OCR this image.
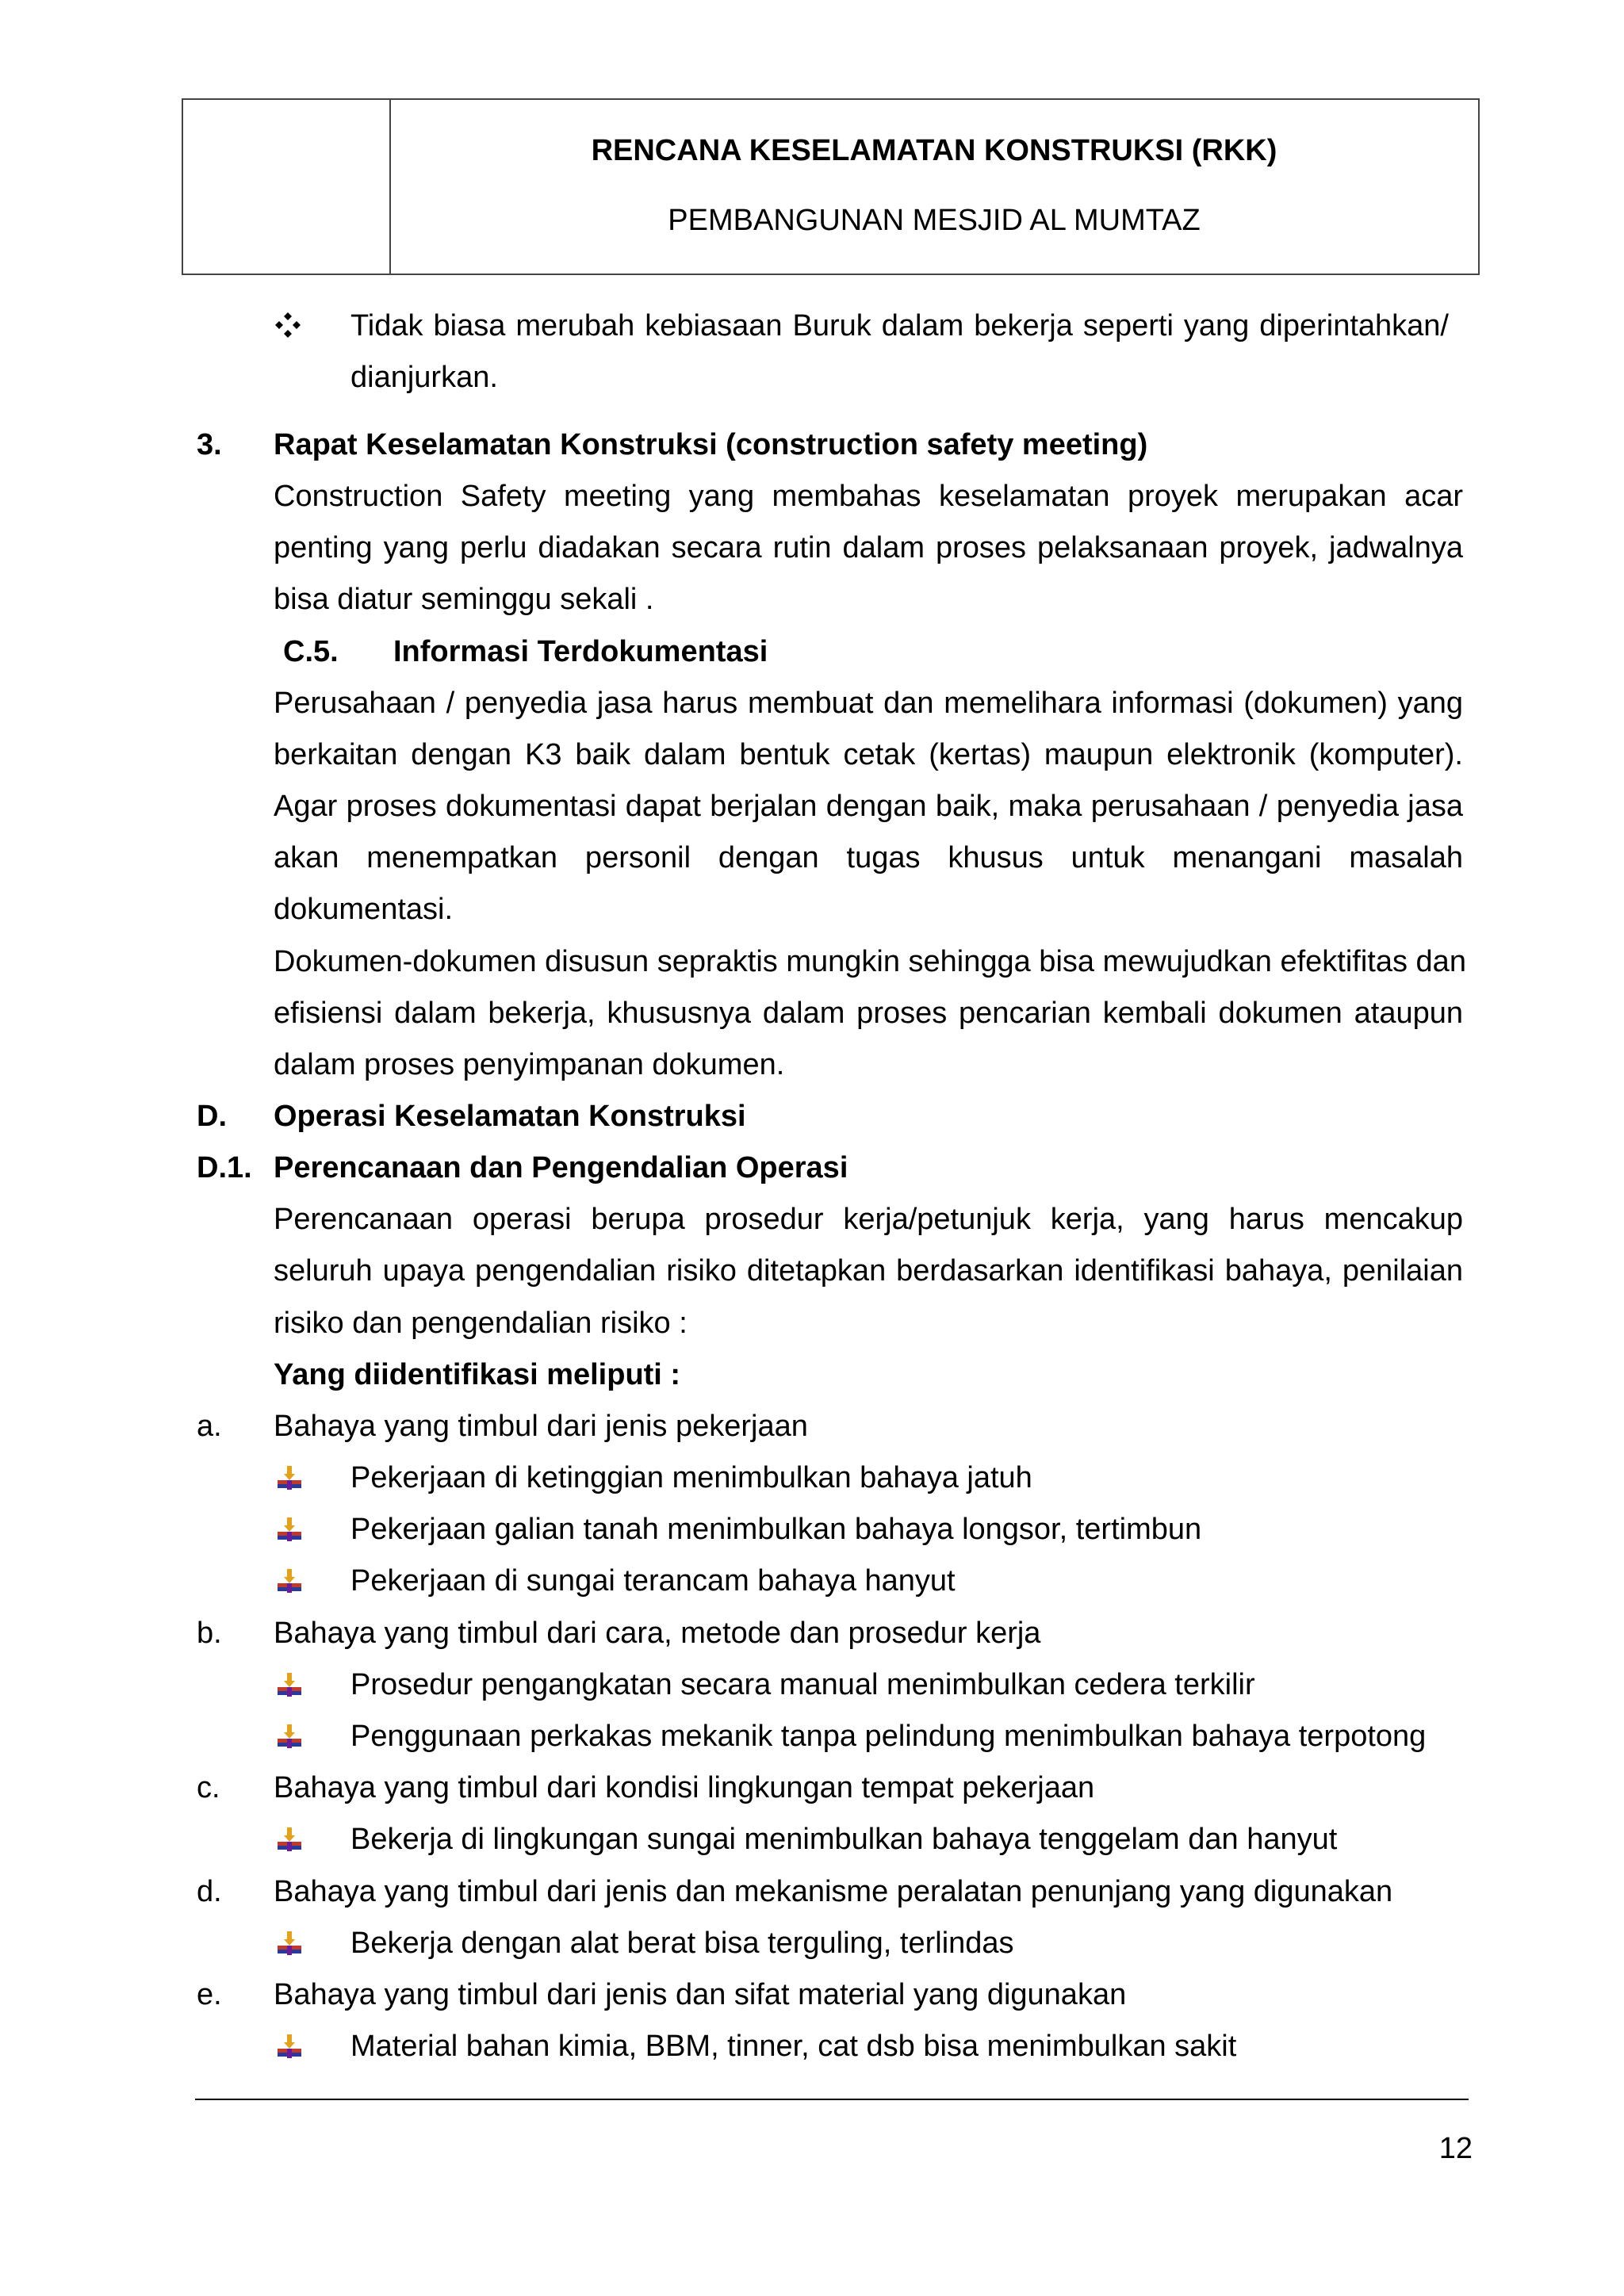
RENCANA KESELAMATAN KONSTRUKSI (RKK)
PEMBANGUNAN MESJID AL MUMTAZ
Tidak biasa merubah kebiasaan Buruk dalam bekerja seperti yang diperintahkan/
dianjurkan.
3. Rapat Keselamatan Konstruksi (construction safety meeting)
Construction Safety meeting yang membahas keselamatan proyek merupakan acar
penting yang perlu diadakan secara rutin dalam proses pelaksanaan proyek, jadwalnya
bisa diatur seminggu sekali .
C.5. Informasi Terdokumentasi
Perusahaan / penyedia jasa harus membuat dan memelihara informasi (dokumen) yang
berkaitan dengan K3 baik dalam bentuk cetak (kertas) maupun elektronik (komputer).
Agar proses dokumentasi dapat berjalan dengan baik, maka perusahaan / penyedia jasa
akan menempatkan personil dengan tugas khusus untuk menangani masalah
dokumentasi.
Dokumen-dokumen disusun sepraktis mungkin sehingga bisa mewujudkan efektifitas dan
efisiensi dalam bekerja, khususnya dalam proses pencarian kembali dokumen ataupun
dalam proses penyimpanan dokumen.
D. Operasi Keselamatan Konstruksi
D.1. Perencanaan dan Pengendalian Operasi
Perencanaan operasi berupa prosedur kerja/petunjuk kerja, yang harus mencakup
seluruh upaya pengendalian risiko ditetapkan berdasarkan identifikasi bahaya, penilaian
risiko dan pengendalian risiko :
Yang diidentifikasi meliputi :
a. Bahaya yang timbul dari jenis pekerjaan
Pekerjaan di ketinggian menimbulkan bahaya jatuh
Pekerjaan galian tanah menimbulkan bahaya longsor, tertimbun
Pekerjaan di sungai terancam bahaya hanyut
b. Bahaya yang timbul dari cara, metode dan prosedur kerja
Prosedur pengangkatan secara manual menimbulkan cedera terkilir
Penggunaan perkakas mekanik tanpa pelindung menimbulkan bahaya terpotong
c. Bahaya yang timbul dari kondisi lingkungan tempat pekerjaan
Bekerja di lingkungan sungai menimbulkan bahaya tenggelam dan hanyut
d. Bahaya yang timbul dari jenis dan mekanisme peralatan penunjang yang digunakan
Bekerja dengan alat berat bisa terguling, terlindas
e. Bahaya yang timbul dari jenis dan sifat material yang digunakan
Material bahan kimia, BBM, tinner, cat dsb bisa menimbulkan sakit
12
